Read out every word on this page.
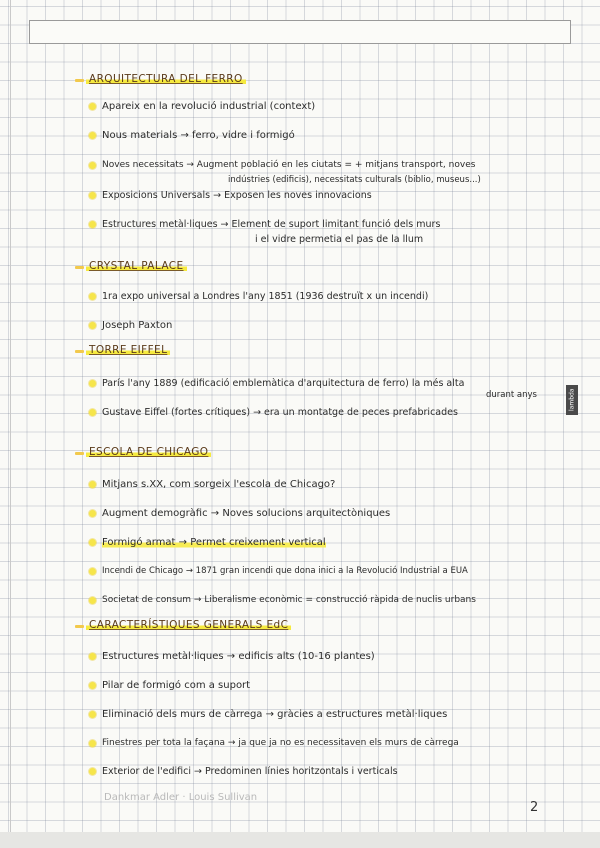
lambda
ARQUITECTURA DEL FERRO
Apareix en la revolució industrial (context)
Nous materials → ferro, vidre i formigó
Noves necessitats → Augment població en les ciutats = + mitjans transport, noves
indústries (edificis), necessitats culturals (biblio, museus...)
Exposicions Universals → Exposen les noves innovacions
Estructures metàl·liques → Element de suport limitant funció dels murs
i el vidre permetia el pas de la llum
CRYSTAL PALACE
1ra expo universal a Londres l'any 1851 (1936 destruït x un incendi)
Joseph Paxton
TORRE EIFFEL
París l'any 1889 (edificació emblemàtica d'arquitectura de ferro) la més alta
durant anys
Gustave Eiffel (fortes crítiques) → era un montatge de peces prefabricades
ESCOLA DE CHICAGO
Mitjans s.XX, com sorgeix l'escola de Chicago?
Augment demogràfic → Noves solucions arquitectòniques
Formigó armat → Permet creixement vertical
Incendi de Chicago → 1871 gran incendi que dona inici a la Revolució Industrial a EUA
Societat de consum → Liberalisme econòmic = construcció ràpida de nuclis urbans
CARACTERÍSTIQUES GENERALS EdC
Estructures metàl·liques → edificis alts (10-16 plantes)
Pilar de formigó com a suport
Eliminació dels murs de càrrega → gràcies a estructures metàl·liques
Finestres per tota la façana → ja que ja no es necessitaven els murs de càrrega
Exterior de l'edifici → Predominen línies horitzontals i verticals
Dankmar Adler · Louis Sullivan
2
